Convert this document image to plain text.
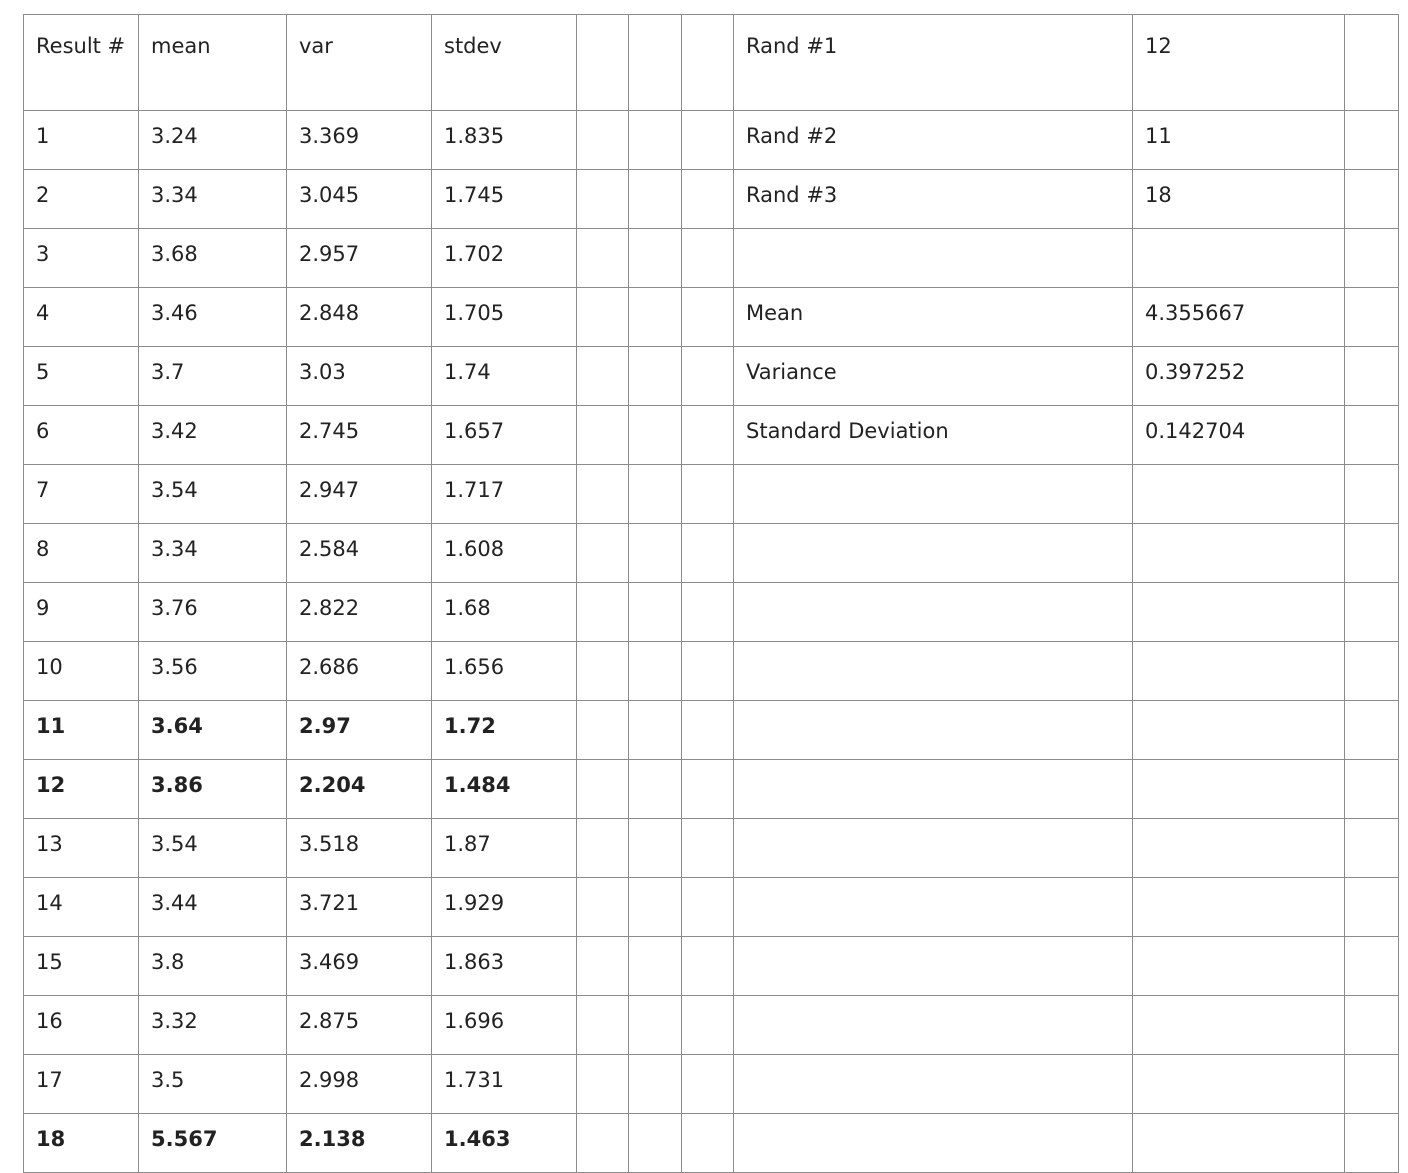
Result #	mean	var	stdev				Rand #1	12	
1	3.24	3.369	1.835				Rand #2	11	
2	3.34	3.045	1.745				Rand #3	18	
3	3.68	2.957	1.702						
4	3.46	2.848	1.705				Mean	4.355667	
5	3.7	3.03	1.74				Variance	0.397252	
6	3.42	2.745	1.657				Standard Deviation	0.142704	
7	3.54	2.947	1.717						
8	3.34	2.584	1.608						
9	3.76	2.822	1.68						
10	3.56	2.686	1.656						
11	3.64	2.97	1.72						
12	3.86	2.204	1.484						
13	3.54	3.518	1.87						
14	3.44	3.721	1.929						
15	3.8	3.469	1.863						
16	3.32	2.875	1.696						
17	3.5	2.998	1.731						
18	5.567	2.138	1.463						
